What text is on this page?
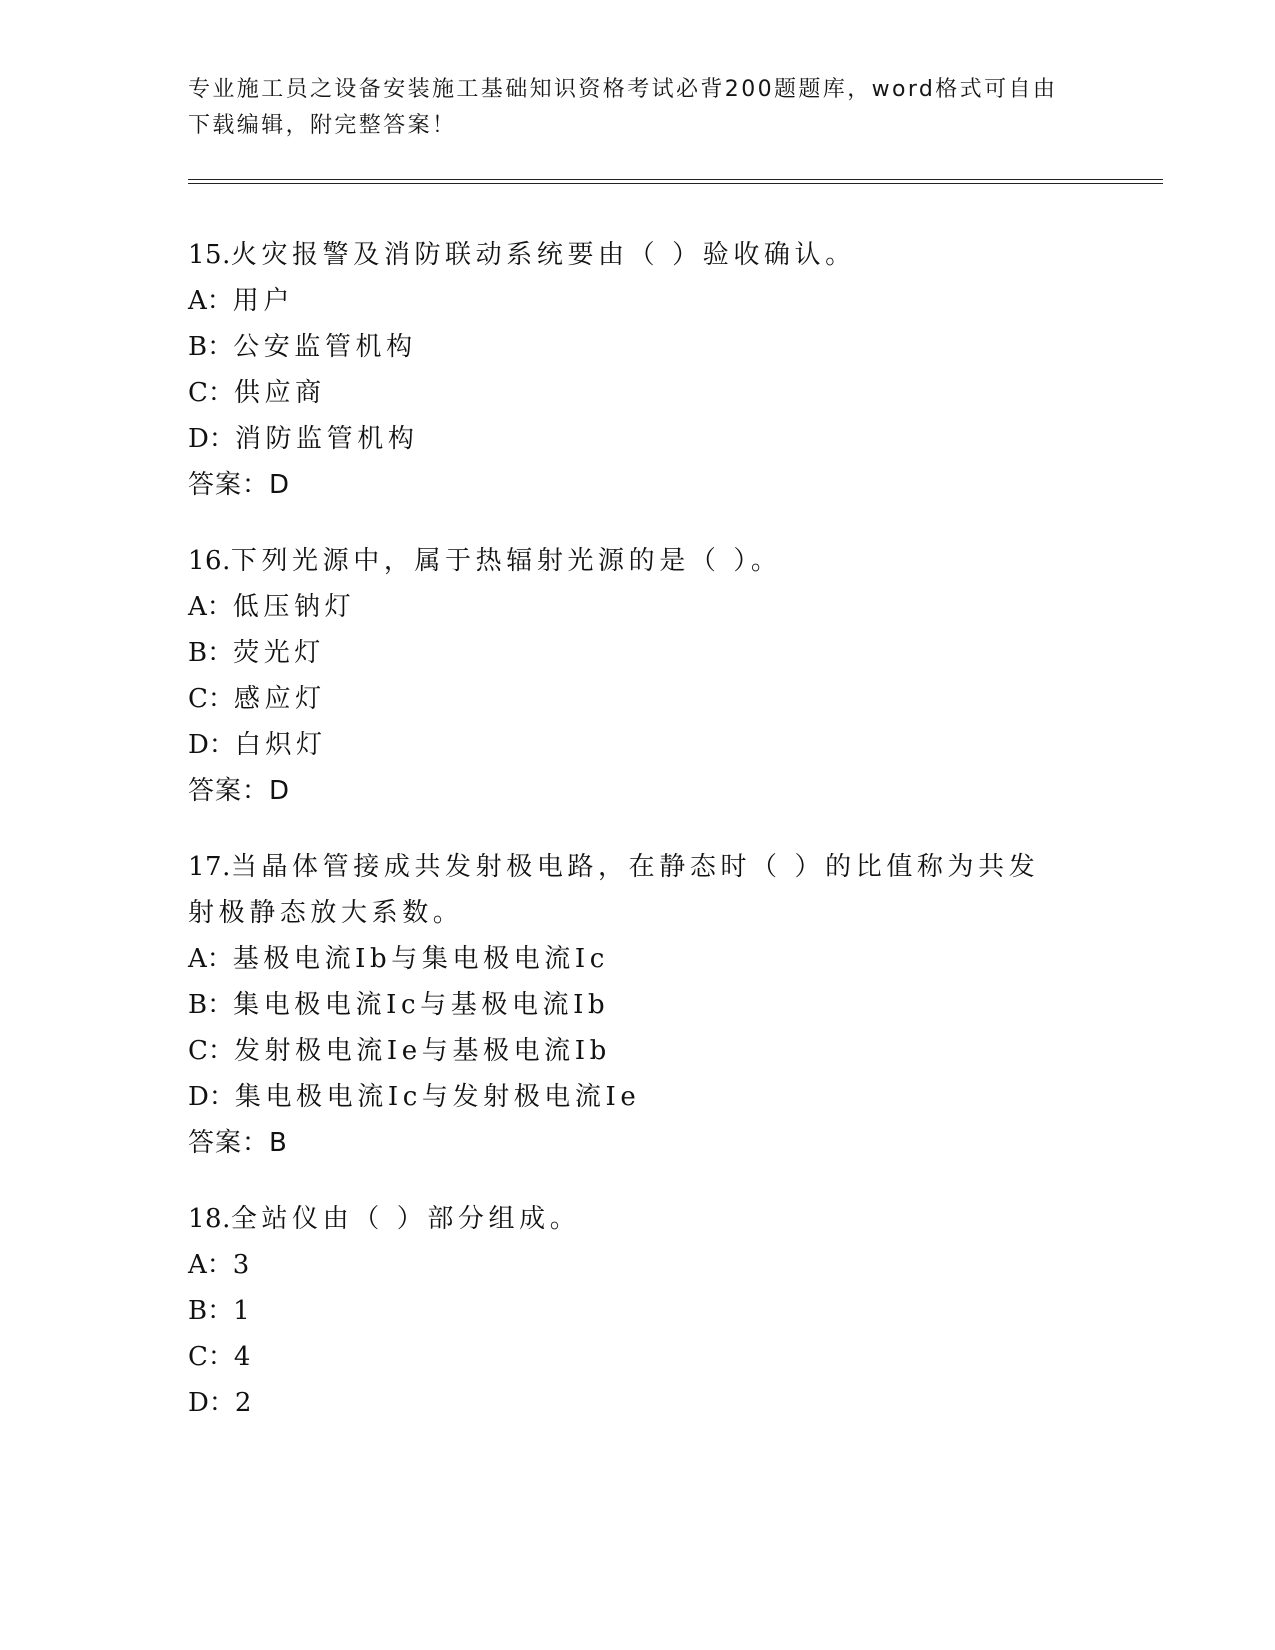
专业施工员之设备安装施工基础知识资格考试必背200题题库，word格式可自由
下载编辑，附完整答案！
15.火灾报警及消防联动系统要由（ ）验收确认。
A：用户
B：公安监管机构
C：供应商
D：消防监管机构
答案：D
16.下列光源中，属于热辐射光源的是（ ）。
A：低压钠灯
B：荧光灯
C：感应灯
D：白炽灯
答案：D
17.当晶体管接成共发射极电路，在静态时（ ）的比值称为共发射极静态放大系数。
A：基极电流Ib与集电极电流Ic
B：集电极电流Ic与基极电流Ib
C：发射极电流Ie与基极电流Ib
D：集电极电流Ic与发射极电流Ie
答案：B
18.全站仪由（ ）部分组成。
A：3
B：1
C：4
D：2
